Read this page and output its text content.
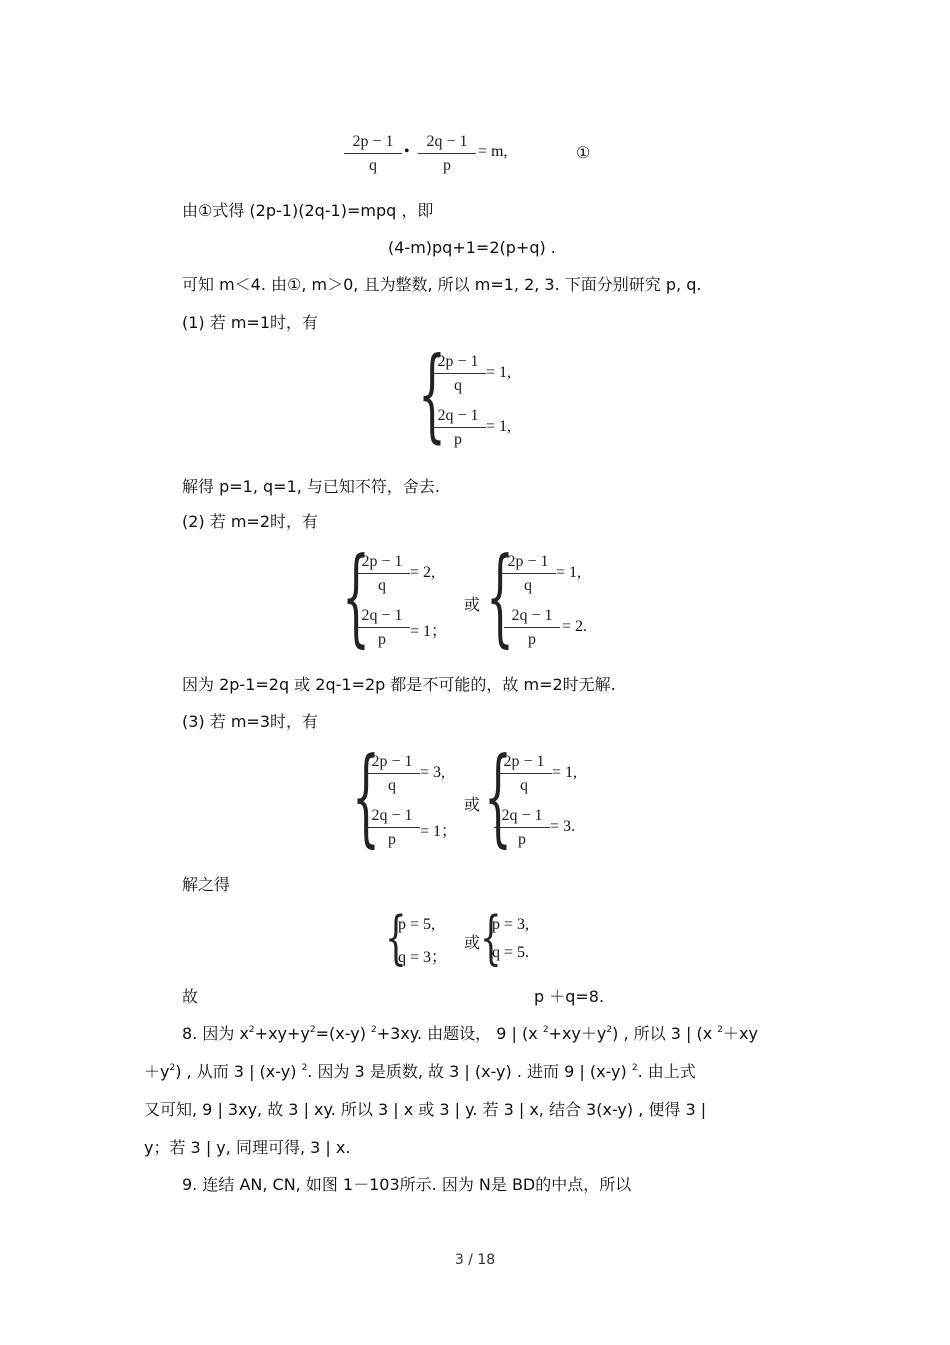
$\frac{2p - 1}{q}$ • $\frac{2q - 1}{p} = m$,	①
由①式得 (2p-1)(2q-1)=mpq ，即
(4-m)pq+1=2(p+q) .
可知 m＜4. 由①, m＞0, 且为整数, 所以 m=1, 2, 3. 下面分别研究 p, q.
(1) 若 m=1时，有
{
$\frac{2p - 1}{q} = 1$,
$\frac{2q - 1}{p} = 1$,
解得 p=1, q=1, 与已知不符，舍去.
(2) 若 m=2时，有
{
$\frac{2p - 1}{q} = 2$,
$\frac{2q - 1}{p} = 1$；
或 {
$\frac{2p - 1}{q} = 1$,
$\frac{2q - 1}{p} = 2$.
因为 2p-1=2q 或 2q-1=2p 都是不可能的，故 m=2时无解.
(3) 若 m=3时，有
{
$\frac{2p - 1}{q} = 3$,
$\frac{2q - 1}{p} = 1$；
或 {
$\frac{2p - 1}{q} = 1$,
$\frac{2q - 1}{p} = 3$.
解之得
{
p = 5,
q = 3；
或 {
p = 3,
q = 5.
故	p ＋q=8.
8. 因为 $x^2+xy+y^2=(x-y)$ $^2$+3xy. 由题设， 9 | (x $^2+xy+y^2$) , 所以 3 | (x $^2$＋xy
$+y^2$) , 从而 3 | (x-y) $^2$. 因为 3 是质数, 故 3 | (x-y) . 进而 9 | (x-y) $^2$. 由上式
又可知, 9 | 3xy, 故 3 | xy. 所以 3 | x 或 3 | y. 若 3 | x, 结合 3(x-y) , 便得 3 |
y；若 3 | y, 同理可得, 3 | x.
9. 连结 AN, CN, 如图 1－103所示. 因为 N是 BD的中点，所以
3 / 18
